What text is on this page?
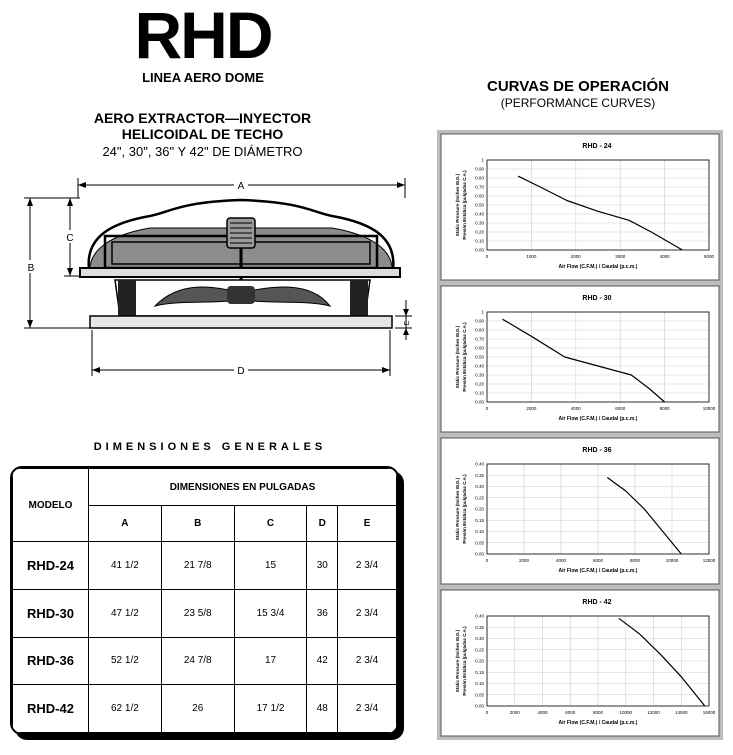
RHD
LINEA AERO DOME
AERO EXTRACTOR—INYECTOR
HELICOIDAL DE TECHO
24", 30", 36" Y 42" DE DIÁMETRO
CURVAS DE OPERACIÓN
(PERFORMANCE CURVES)
A
B
C
E
D
DIMENSIONES GENERALES
MODELO	DIMENSIONES EN PULGADAS				
	A	B	C	D	E
RHD-24	41 1/2	21 7/8	15	30	2 3/4
RHD-30	47 1/2	23 5/8	15 3/4	36	2 3/4
RHD-36	52 1/2	24 7/8	17	42	2 3/4
RHD-42	62 1/2	26	17 1/2	48	2 3/4
RHD - 24
0	1000	2000	3000	4000	5000
0.00
0.10
0.20
0.30
0.40
0.50
0.60
0.70
0.80
0.90
1
Air Flow (C.F.M.) / Caudal (p.c.m.)
Static Pressure (Inches W.G.) Presión Estática (pulgadas C.A.)
RHD - 30
0	2000	4000	6000	8000	10000
0.00
0.10
0.20
0.30
0.40
0.50
0.60
0.70
0.80
0.90
1
Air Flow (C.F.M.) / Caudal (p.c.m.)
Static Pressure (Inches W.G.) Presión Estática (pulgadas C.A.)
RHD - 36
0	2000	4000	6000	8000	10000	12000
0.00
0.05
0.10
0.15
0.20
0.25
0.30
0.35
0.40
Air Flow (C.F.M.) / Caudal (p.c.m.)
Static Pressure (Inches W.G.) Presión Estática (pulgadas C.A.)
RHD - 42
0	2000	4000	6000	8000	10000	12000	14000	16000
0.00
0.05
0.10
0.15
0.20
0.25
0.30
0.35
0.40
Air Flow (C.F.M.) / Caudal (p.c.m.)
Static Pressure (Inches W.G.) Presión Estática (pulgadas C.A.)
